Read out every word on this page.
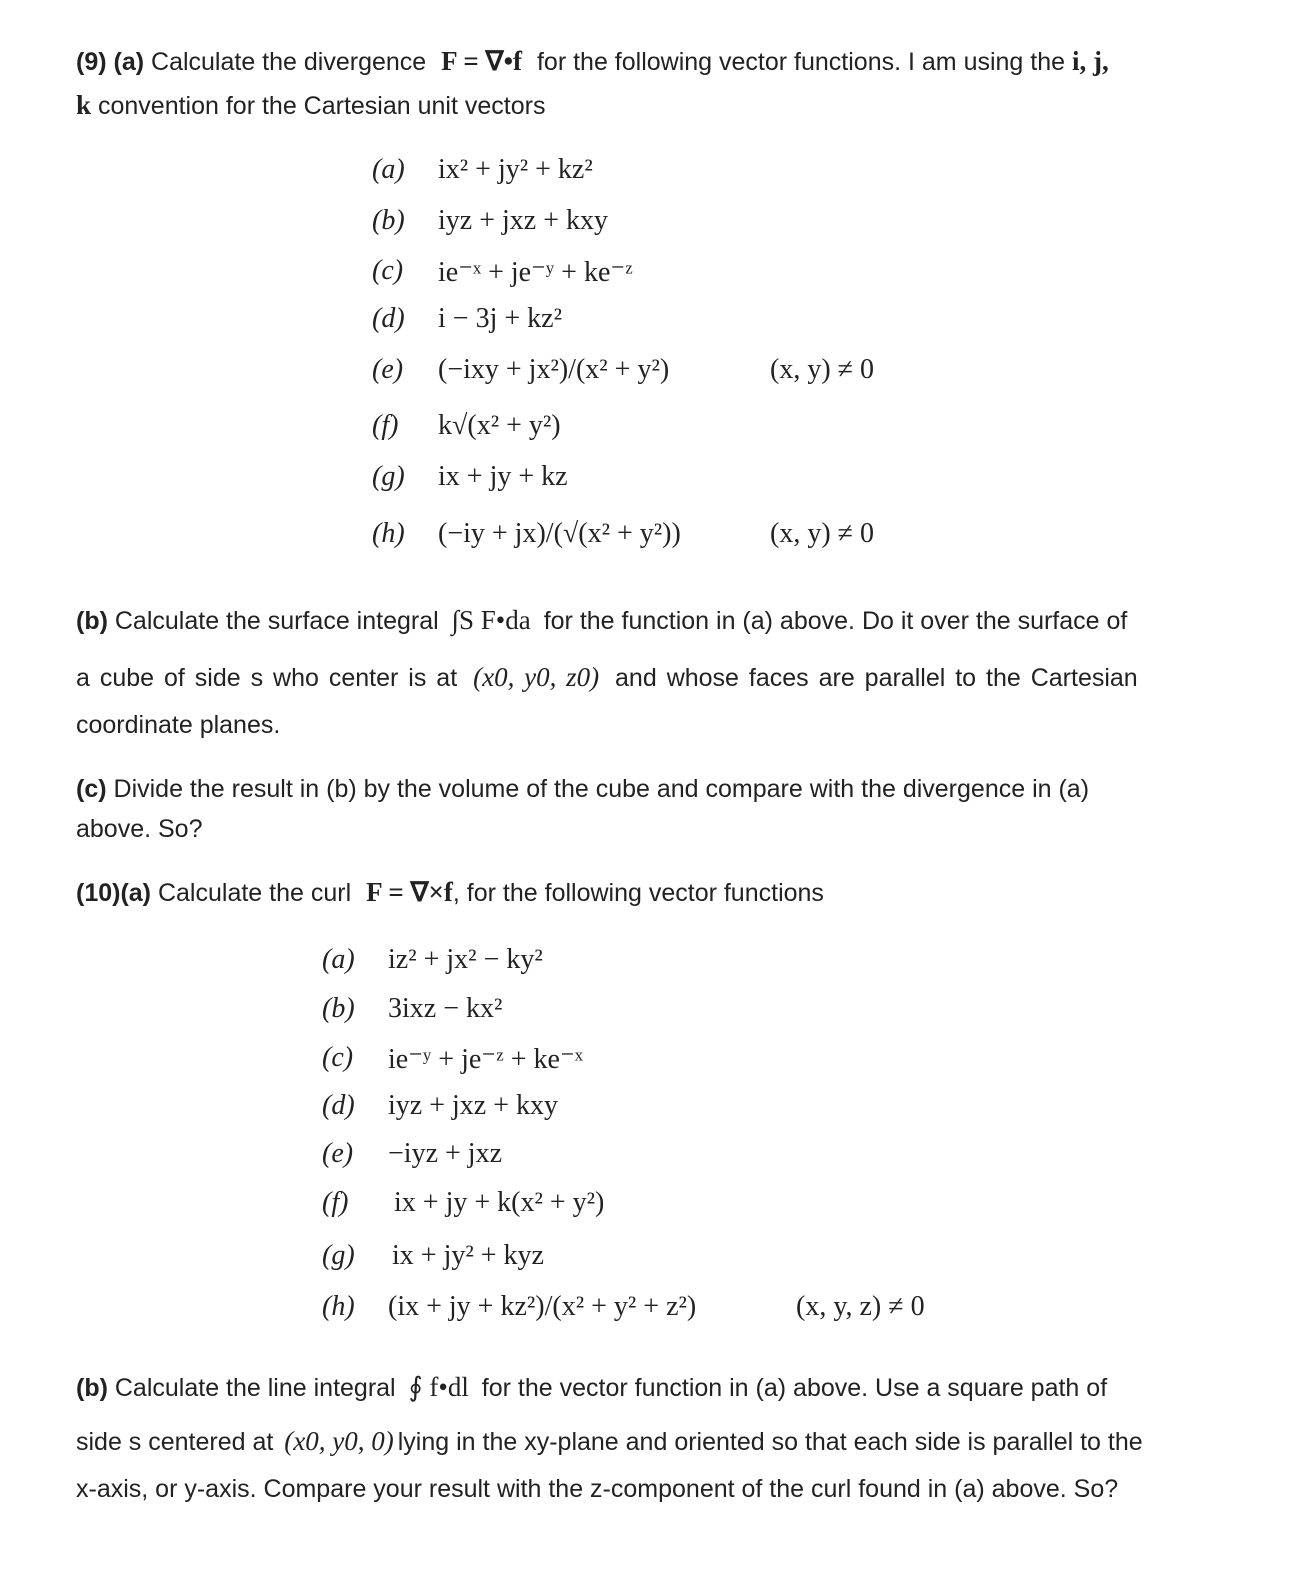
(9) (a) Calculate the divergence F = ∇•f for the following vector functions. I am using the i, j,
k convention for the Cartesian unit vectors
(a) ix² + jy² + kz²
(b) iyz + jxz + kxy
(c) ie⁻ˣ + je⁻ʸ + ke⁻ᶻ
(d) i − 3j + kz²
(e) (−ixy + jx²)/(x² + y²)	(x, y) ≠ 0
(f) k√(x² + y²)
(g) ix + jy + kz
(h) (−iy + jx)/(√(x² + y²))	(x, y) ≠ 0
(b) Calculate the surface integral ∫S F•da for the function in (a) above. Do it over the surface of
a cube of side s who center is at (x0, y0, z0) and whose faces are parallel to the Cartesian
coordinate planes.
(c) Divide the result in (b) by the volume of the cube and compare with the divergence in (a)
above. So?
(10)(a) Calculate the curl F = ∇×f, for the following vector functions
(a) iz² + jx² − ky²
(b) 3ixz − kx²
(c) ie⁻ʸ + je⁻ᶻ + ke⁻ˣ
(d) iyz + jxz + kxy
(e) −iyz + jxz
(f) ix + jy + k(x² + y²)
(g) ix + jy² + kyz
(h) (ix + jy + kz²)/(x² + y² + z²)	(x, y, z) ≠ 0
(b) Calculate the line integral ∮ f•dl for the vector function in (a) above. Use a square path of
side s centered at (x0, y0, 0) lying in the xy-plane and oriented so that each side is parallel to the
x-axis, or y-axis. Compare your result with the z-component of the curl found in (a) above. So?
